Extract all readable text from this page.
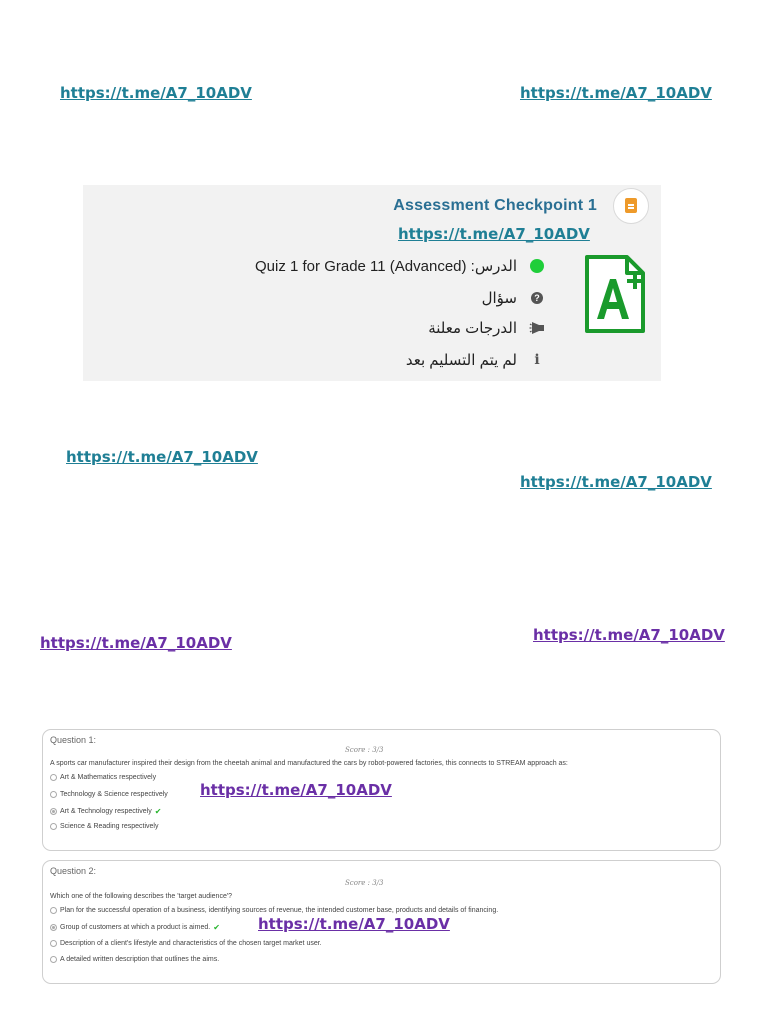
https://t.me/A7_10ADV	https://t.me/A7_10ADV
Assessment Checkpoint 1
https://t.me/A7_10ADV
الدرس: (Quiz 1 for Grade 11 (Advanced
?
سؤال
الدرجات معلنة
i
لم يتم التسليم بعد
https://t.me/A7_10ADV
https://t.me/A7_10ADV
https://t.me/A7_10ADV	https://t.me/A7_10ADV
Question 1:
Score : 3/3
A sports car manufacturer inspired their design from the cheetah animal and manufactured the cars by robot-powered factories, this connects to STREAM approach as:
Art & Mathematics respectively
Technology & Science respectively
Art & Technology respectively ✔
Science & Reading respectively
https://t.me/A7_10ADV
Question 2:
Score : 3/3
Which one of the following describes the 'target audience'?
Plan for the successful operation of a business, identifying sources of revenue, the intended customer base, products and details of financing.
Group of customers at which a product is aimed. ✔
Description of a client's lifestyle and characteristics of the chosen target market user.
A detailed written description that outlines the aims.
https://t.me/A7_10ADV
